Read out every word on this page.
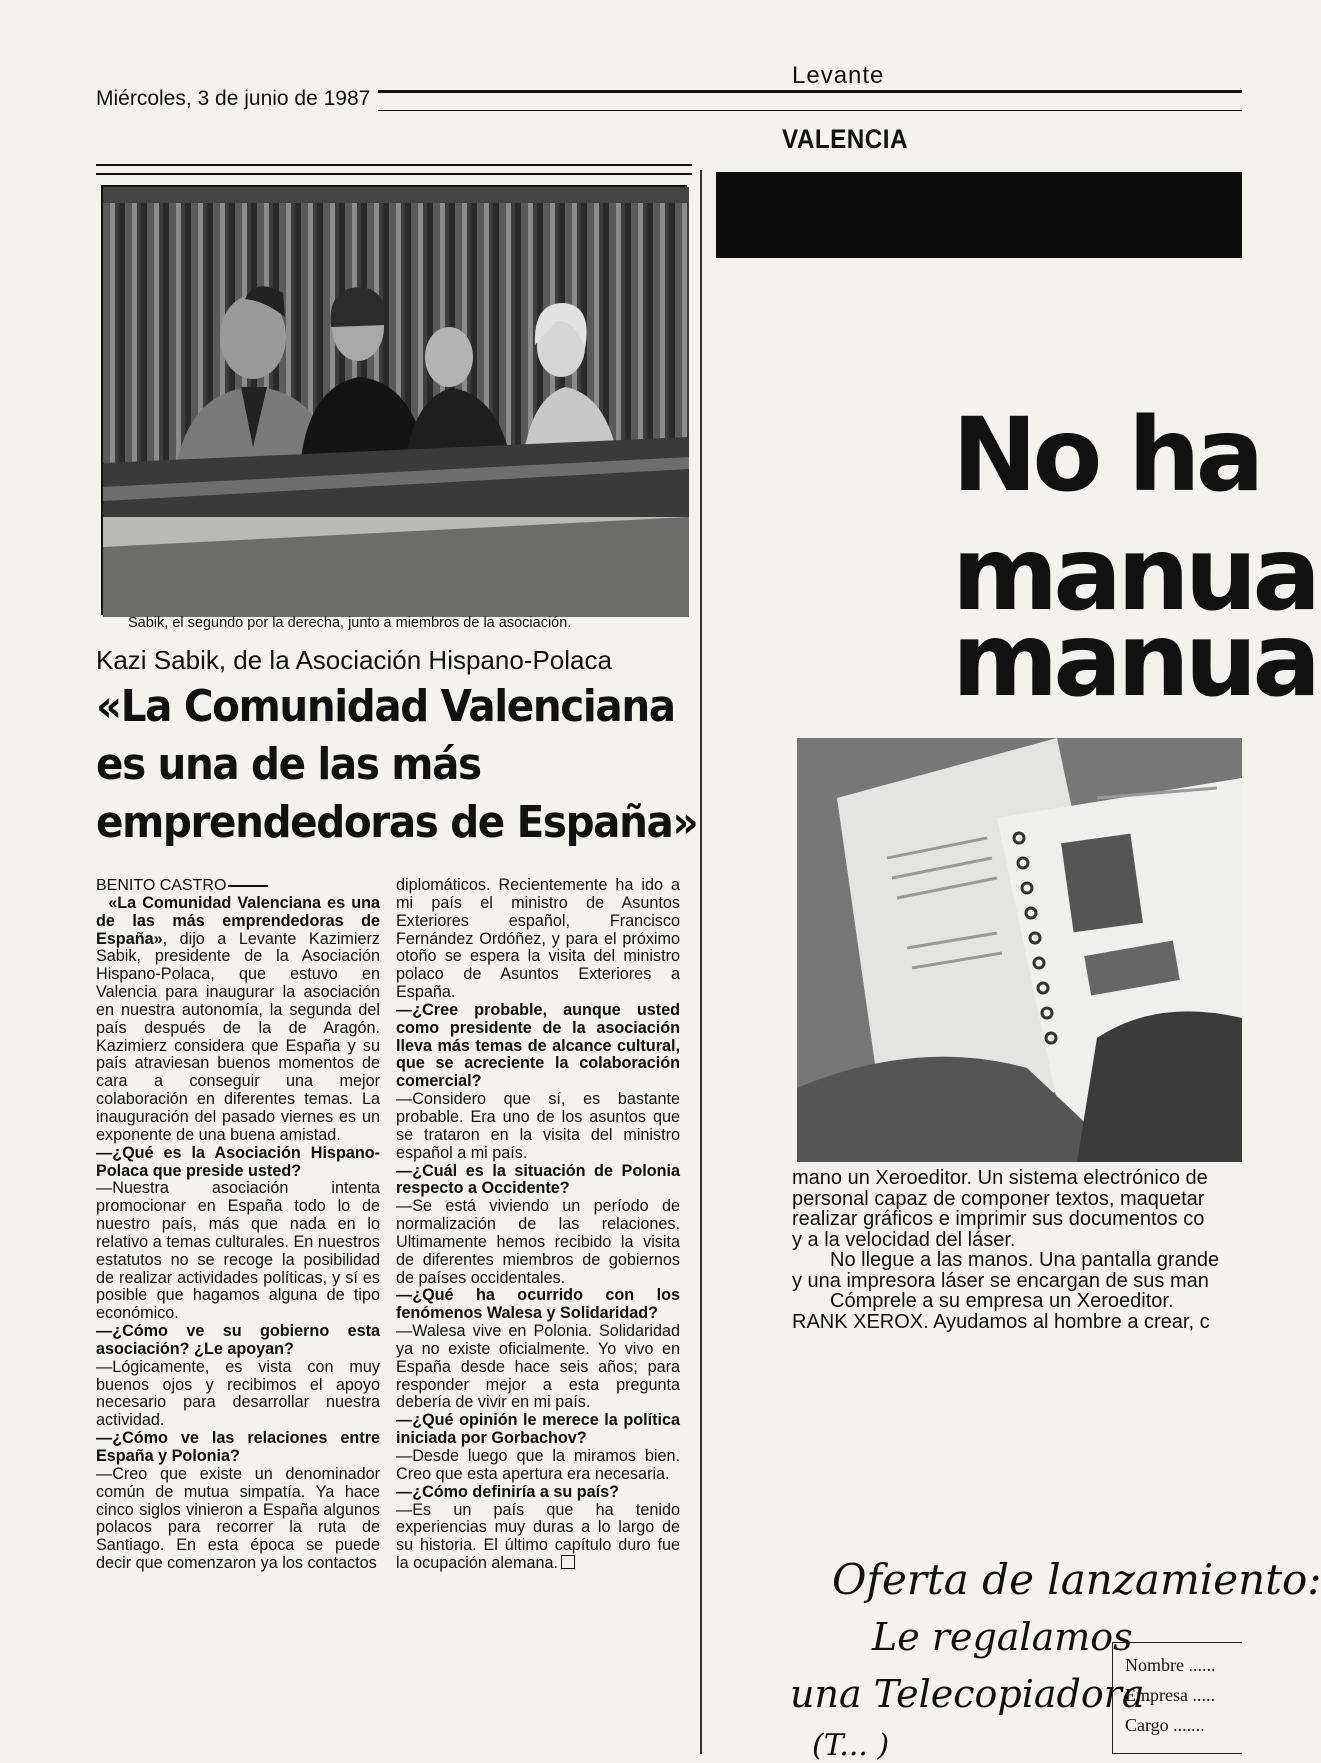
Miércoles, 3 de junio de 1987
Levante
VALENCIA
Sabik, el segundo por la derecha, junto a miembros de la asociación.
Kazi Sabik, de la Asociación Hispano-Polaca
«La Comunidad Valenciana
es una de las más
emprendedoras de España»

BENITO CASTRO

«La Comunidad Valenciana es una de las más emprendedoras de España», dijo a Levante Kazimierz Sabik, presidente de la Asociación Hispano-Polaca, que estuvo en Valencia para inaugurar la asociación en nuestra autonomía, la segunda del país después de la de Aragón. Kazimierz considera que España y su país atraviesan buenos momentos de cara a conseguir una mejor colaboración en diferentes temas. La inauguración del pasado viernes es un exponente de una buena amistad.

—¿Qué es la Asociación Hispano-Polaca que preside usted?

—Nuestra asociación intenta promocionar en España todo lo de nuestro país, más que nada en lo relativo a temas culturales. En nuestros estatutos no se recoge la posibilidad de realizar actividades políticas, y sí es posible que hagamos alguna de tipo económico.

—¿Cómo ve su gobierno esta asociación? ¿Le apoyan?

—Lógicamente, es vista con muy buenos ojos y recibimos el apoyo necesario para desarrollar nuestra actividad.

—¿Cómo ve las relaciones entre España y Polonia?

—Creo que existe un denominador común de mutua simpatía. Ya hace cinco siglos vinieron a España algunos polacos para recorrer la ruta de Santiago. En esta época se puede decir que comenzaron ya los contactos

diplomáticos. Recientemente ha ido a mi país el ministro de Asuntos Exteriores español, Francisco Fernández Ordóñez, y para el próximo otoño se espera la visita del ministro polaco de Asuntos Exteriores a España.

—¿Cree probable, aunque usted como presidente de la asociación lleva más temas de alcance cultural, que se acreciente la colaboración comercial?

—Considero que sí, es bastante probable. Era uno de los asuntos que se trataron en la visita del ministro español a mi país.

—¿Cuál es la situación de Polonia respecto a Occidente?

—Se está viviendo un período de normalización de las relaciones. Ultimamente hemos recibido la visita de diferentes miembros de gobiernos de países occidentales.

—¿Qué ha ocurrido con los fenómenos Walesa y Solidaridad?

—Walesa vive en Polonia. Solidaridad ya no existe oficialmente. Yo vivo en España desde hace seis años; para responder mejor a esta pregunta debería de vivir en mi país.

—¿Qué opinión le merece la política iniciada por Gorbachov?

—Desde luego que la miramos bien. Creo que esta apertura era necesaria.

—¿Cómo definiría a su país?

—Es un país que ha tenido experiencias muy duras a lo largo de su historia. El último capítulo duro fue la ocupación alemana.

No ha
manua
manua
mano un Xeroeditor. Un sistema electrónico de
personal capaz de componer textos, maquetar
realizar gráficos e imprimir sus documentos co
y a la velocidad del láser.
No llegue a las manos. Una pantalla grande
y una impresora láser se encargan de sus man
Cómprele a su empresa un Xeroeditor.
RANK XEROX. Ayudamos al hombre a crear, c
Oferta de lanzamiento:
Le regalamos
una Telecopiadora
(T... )
Nombre ......
Empresa .....
Cargo .......
